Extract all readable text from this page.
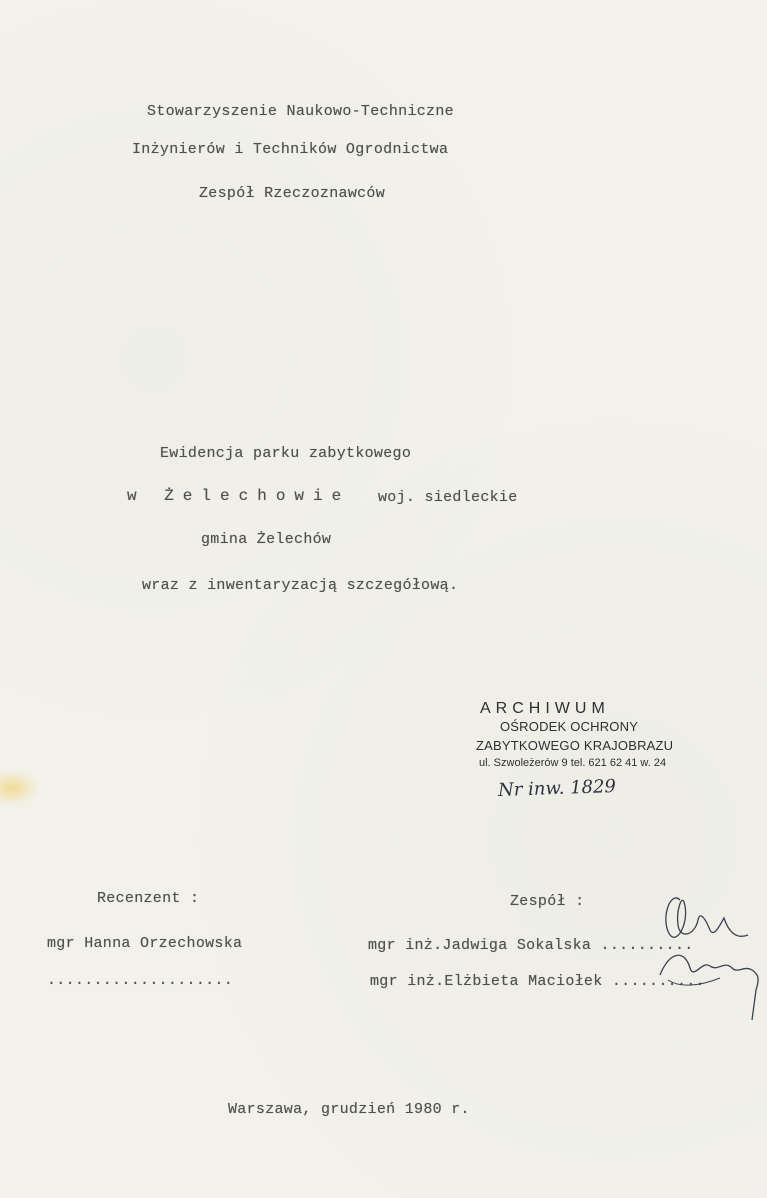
Stowarzyszenie Naukowo-Techniczne
Inżynierów i Techników Ogrodnictwa
Zespół Rzeczoznawców
Ewidencja parku zabytkowego
w Żelechowie woj. siedleckie
gmina Żelechów
wraz z inwentaryzacją szczegółową.
ARCHIWUM
OŚRODEK OCHRONY
ZABYTKOWEGO KRAJOBRAZU
ul. Szwoleżerów 9 tel. 621 62 41 w. 24
Nr inw. 1829
Recenzent :
mgr Hanna Orzechowska
....................
Zespół :
mgr inż.Jadwiga Sokalska ..........
mgr inż.Elżbieta Maciołek ..........
Warszawa, grudzień 1980 r.
